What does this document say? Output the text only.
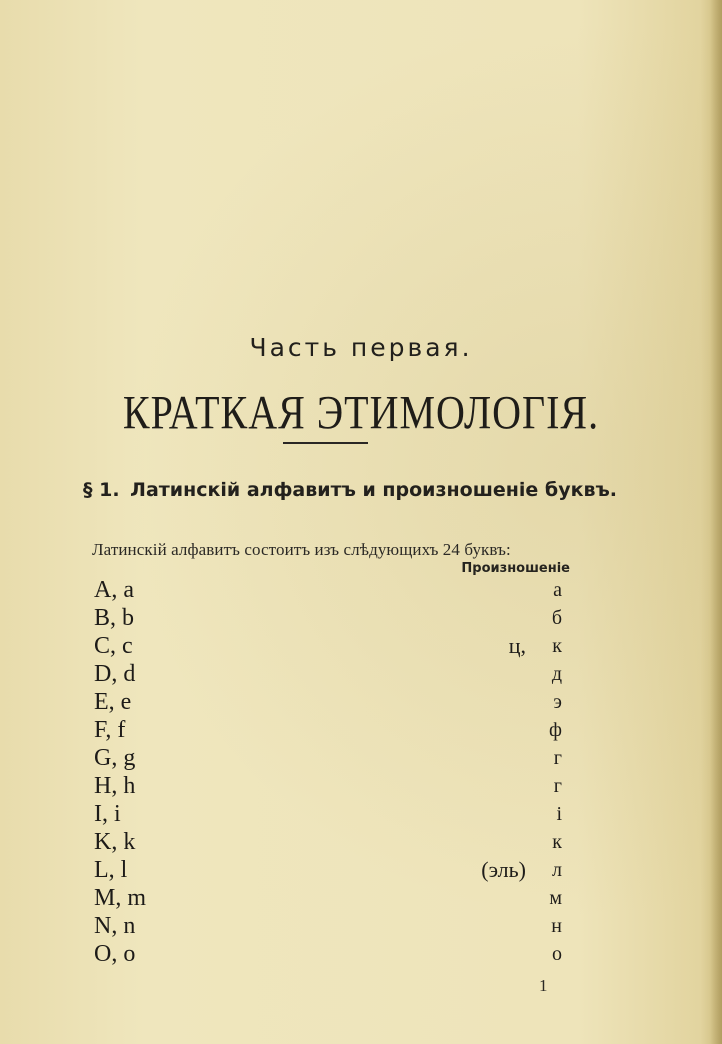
Часть первая.
КРАТКАЯ ЭТИМОЛОГІЯ.
§ 1. Латинскій алфавитъ и произношеніе буквъ.
Латинскій алфавитъ состоитъ изъ слѣдующихъ 24 буквъ:
Произношеніе
A, a	а
B, b	б
C, c	ц, к
D, d	д
E, e	э
F, f	ф
G, g	г
H, h	г
I, i	і
K, k	к
L, l	(эль) л
M, m	м
N, n	н
O, o	о
1
